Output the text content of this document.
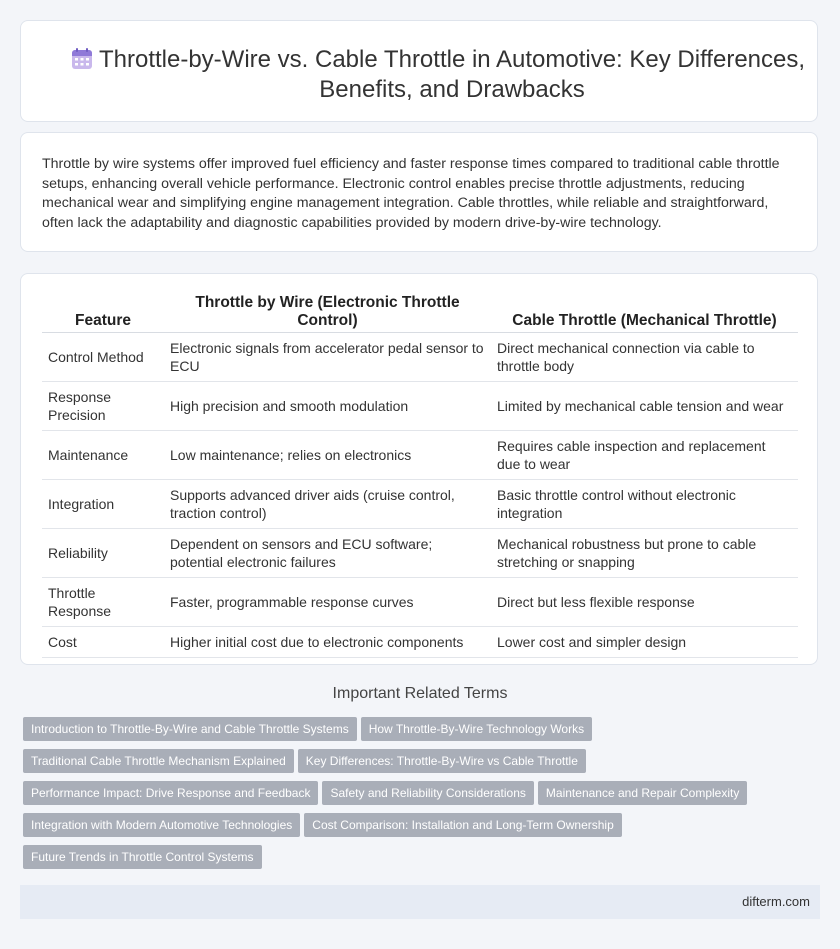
Throttle-by-Wire vs. Cable Throttle in Automotive: Key Differences, Benefits, and Drawbacks

Throttle by wire systems offer improved fuel efficiency and faster response times compared to traditional cable throttle setups, enhancing overall vehicle performance. Electronic control enables precise throttle adjustments, reducing mechanical wear and simplifying engine management integration. Cable throttles, while reliable and straightforward, often lack the adaptability and diagnostic capabilities provided by modern drive-by-wire technology.

Feature	Throttle by Wire (Electronic Throttle Control)	Cable Throttle (Mechanical Throttle)
Control Method	Electronic signals from accelerator pedal sensor to ECU	Direct mechanical connection via cable to throttle body
Response Precision	High precision and smooth modulation	Limited by mechanical cable tension and wear
Maintenance	Low maintenance; relies on electronics	Requires cable inspection and replacement due to wear
Integration	Supports advanced driver aids (cruise control, traction control)	Basic throttle control without electronic integration
Reliability	Dependent on sensors and ECU software; potential electronic failures	Mechanical robustness but prone to cable stretching or snapping
Throttle Response	Faster, programmable response curves	Direct but less flexible response
Cost	Higher initial cost due to electronic components	Lower cost and simpler design
Important Related Terms
Introduction to Throttle-By-Wire and Cable Throttle Systems How Throttle-By-Wire Technology Works
Traditional Cable Throttle Mechanism Explained Key Differences: Throttle-By-Wire vs Cable Throttle
Performance Impact: Drive Response and Feedback Safety and Reliability Considerations Maintenance and Repair Complexity
Integration with Modern Automotive Technologies Cost Comparison: Installation and Long-Term Ownership
Future Trends in Throttle Control Systems
difterm.com
